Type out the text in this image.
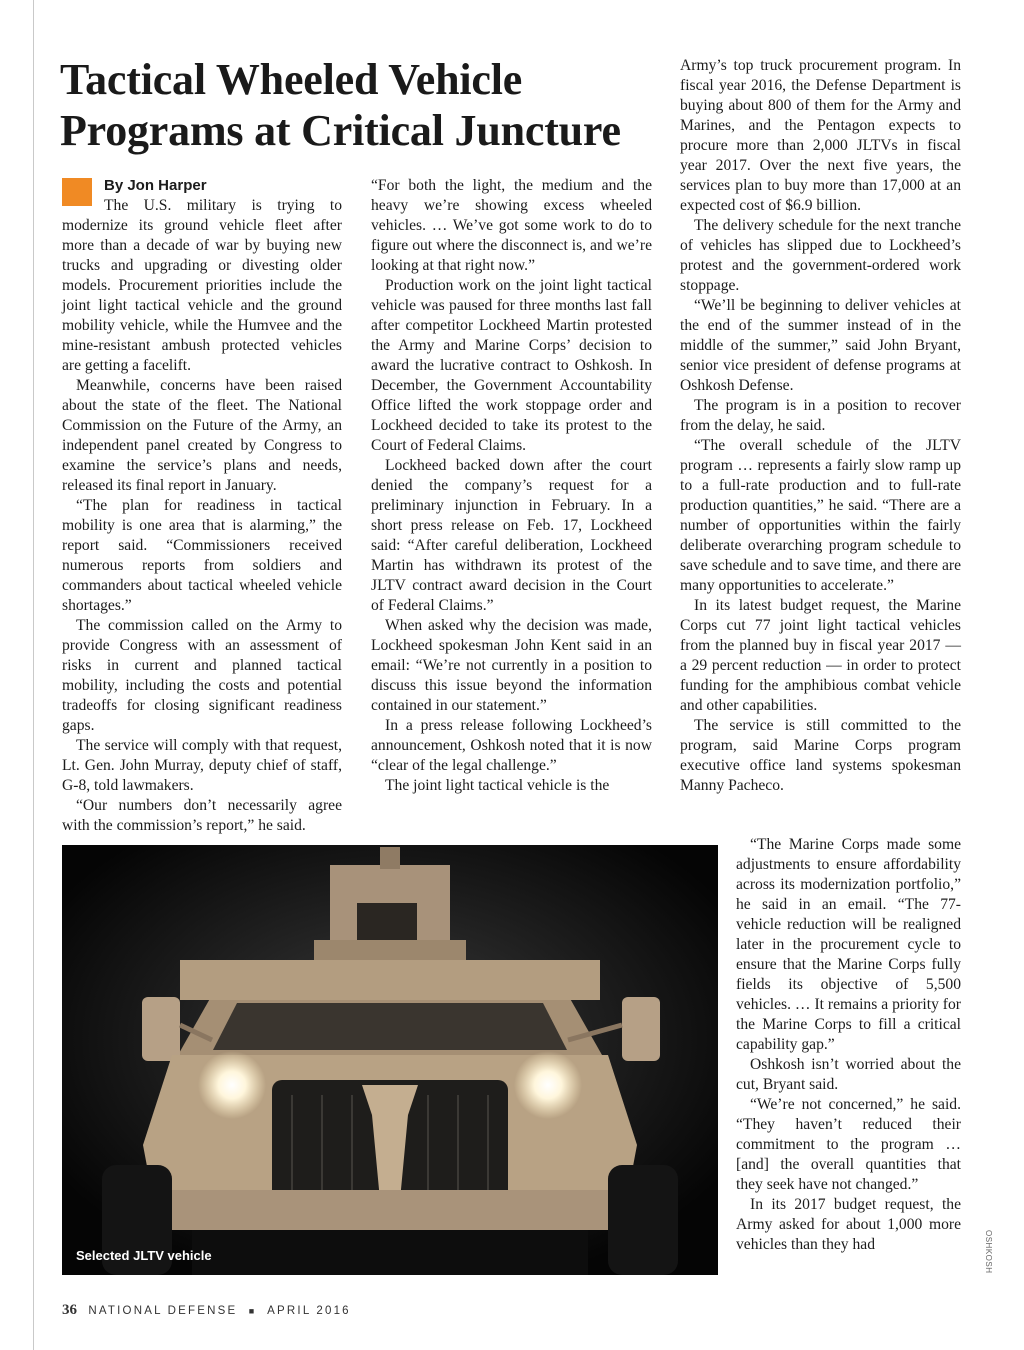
Tactical Wheeled Vehicle
Programs at Critical Juncture
By Jon Harper

The U.S. military is trying to modernize its ground vehicle fleet after more than a decade of war by buying new trucks and upgrading or divesting older models. Procurement priorities include the joint light tactical vehicle and the ground mobility vehicle, while the Humvee and the mine-resistant ambush protected vehicles are getting a facelift.

Meanwhile, concerns have been raised about the state of the fleet. The National Commission on the Future of the Army, an independent panel created by Congress to examine the service’s plans and needs, released its final report in January.

“The plan for readiness in tactical mobility is one area that is alarming,” the report said. “Commissioners received numerous reports from soldiers and commanders about tactical wheeled vehicle shortages.”

The commission called on the Army to provide Congress with an assessment of risks in current and planned tactical mobility, including the costs and potential tradeoffs for closing significant readiness gaps.

The service will comply with that request, Lt. Gen. John Murray, deputy chief of staff, G-8, told lawmakers.

“Our numbers don’t necessarily agree with the commission’s report,” he said.

“For both the light, the medium and the heavy we’re showing excess wheeled vehicles. … We’ve got some work to do to figure out where the disconnect is, and we’re looking at that right now.”

Production work on the joint light tactical vehicle was paused for three months last fall after competitor Lockheed Martin protested the Army and Marine Corps’ decision to award the lucrative contract to Oshkosh. In December, the Government Accountability Office lifted the work stoppage order and Lockheed decided to take its protest to the Court of Federal Claims.

Lockheed backed down after the court denied the company’s request for a preliminary injunction in February. In a short press release on Feb. 17, Lockheed said: “After careful deliberation, Lockheed Martin has withdrawn its protest of the JLTV contract award decision in the Court of Federal Claims.”

When asked why the decision was made, Lockheed spokesman John Kent said in an email: “We’re not currently in a position to discuss this issue beyond the information contained in our statement.”

In a press release following Lockheed’s announcement, Oshkosh noted that it is now “clear of the legal challenge.”

The joint light tactical vehicle is the

Army’s top truck procurement program. In fiscal year 2016, the Defense Department is buying about 800 of them for the Army and Marines, and the Pentagon expects to procure more than 2,000 JLTVs in fiscal year 2017. Over the next five years, the services plan to buy more than 17,000 at an expected cost of $6.9 billion.

The delivery schedule for the next tranche of vehicles has slipped due to Lockheed’s protest and the government-ordered work stoppage.

“We’ll be beginning to deliver vehicles at the end of the summer instead of in the middle of the summer,” said John Bryant, senior vice president of defense programs at Oshkosh Defense.

The program is in a position to recover from the delay, he said.

“The overall schedule of the JLTV program … represents a fairly slow ramp up to a full-rate production and to full-rate production quantities,” he said. “There are a number of opportunities within the fairly deliberate overarching program schedule to save schedule and to save time, and there are many opportunities to accelerate.”

In its latest budget request, the Marine Corps cut 77 joint light tactical vehicles from the planned buy in fiscal year 2017 — a 29 percent reduction — in order to protect funding for the amphibious combat vehicle and other capabilities.

The service is still committed to the program, said Marine Corps program executive office land systems spokesman Manny Pacheco.

“The Marine Corps made some adjustments to ensure affordability across its modernization portfolio,” he said in an email. “The 77-vehicle reduction will be realigned later in the procurement cycle to ensure that the Marine Corps fully fields its objective of 5,500 vehicles. … It remains a priority for the Marine Corps to fill a critical capability gap.”

Oshkosh isn’t worried about the cut, Bryant said.

“We’re not concerned,” he said. “They haven’t reduced their commitment to the program … [and] the overall quantities that they seek have not changed.”

In its 2017 budget request, the Army asked for about 1,000 more vehicles than they had

Selected JLTV vehicle	OSHKOSH
36 NATIONAL DEFENSE ■ APRIL 2016
